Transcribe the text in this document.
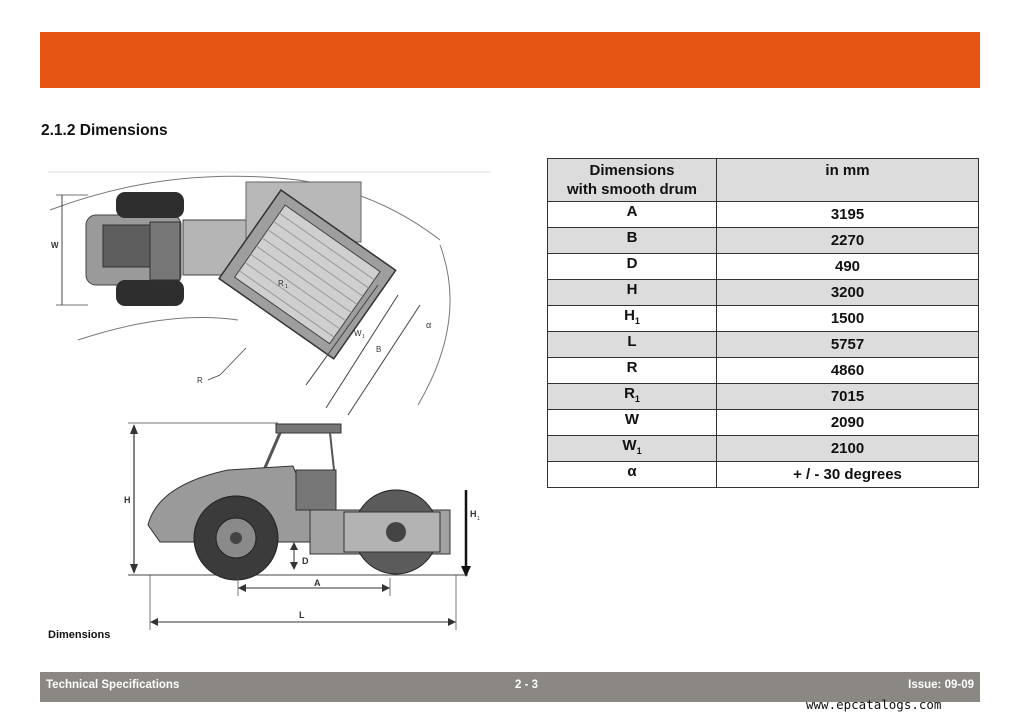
2.1.2 Dimensions
W
R 1
W 1
B
α
R
H
H 1
D
A
L
Dimensions
Dimensions
with smooth drum	in mm
A	3195
B	2270
D	490
H	3200
$H_1$	1500
L	5757
R	4860
$R_1$	7015
W	2090
$W_1$	2100
α	+ / - 30 degrees
Technical Specifications	2 - 3	Issue: 09-09
www.epcatalogs.com
